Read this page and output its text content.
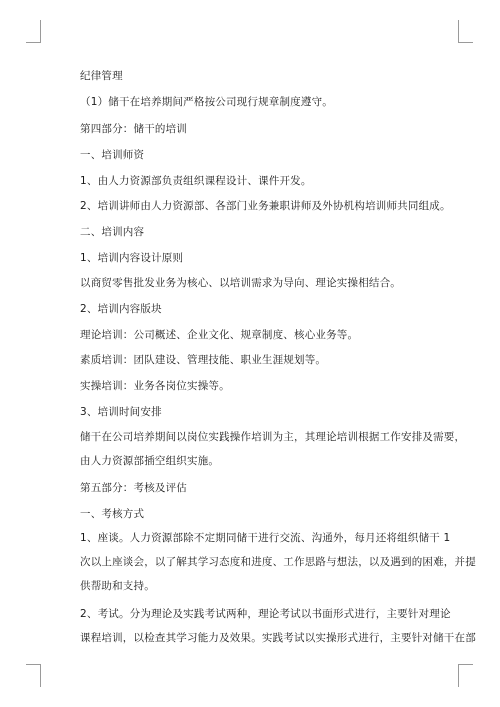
纪律管理
（1）储干在培养期间严格按公司现行规章制度遵守。
第四部分：储干的培训
一、培训师资
1、由人力资源部负责组织课程设计、课件开发。
2、培训讲师由人力资源部、各部门业务兼职讲师及外协机构培训师共同组成。
二、培训内容
1、培训内容设计原则
以商贸零售批发业务为核心、以培训需求为导向、理论实操相结合。
2、培训内容版块
理论培训：公司概述、企业文化、规章制度、核心业务等。
素质培训：团队建设、管理技能、职业生涯规划等。
实操培训：业务各岗位实操等。
3、培训时间安排
储干在公司培养期间以岗位实践操作培训为主，其理论培训根据工作安排及需要，
由人力资源部插空组织实施。
第五部分：考核及评估
一、考核方式
1、座谈。人力资源部除不定期同储干进行交流、沟通外，每月还将组织储干 1
次以上座谈会，以了解其学习态度和进度、工作思路与想法，以及遇到的困难，并提
供帮助和支持。
2、考试。分为理论及实践考试两种，理论考试以书面形式进行，主要针对理论
课程培训，以检查其学习能力及效果。实践考试以实操形式进行，主要针对储干在部
